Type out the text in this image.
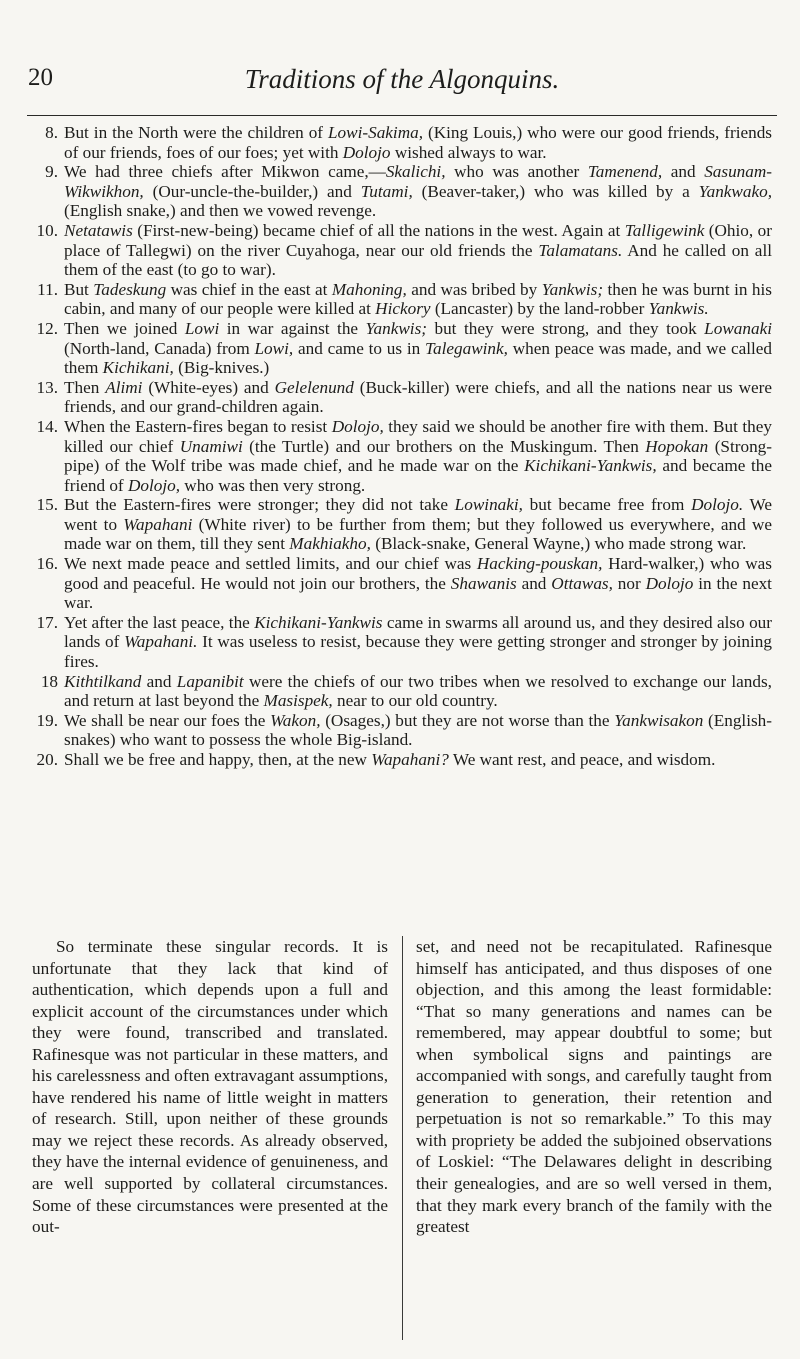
20	Traditions of the Algonquins.
8. But in the North were the children of Lowi-Sakima, (King Louis,) who were our good friends, friends of our friends, foes of our foes; yet with Dolojo wished always to war.
9. We had three chiefs after Mikwon came,—Skalichi, who was another Tamenend, and Sasunam-Wikwikhon, (Our-uncle-the-builder,) and Tutami, (Beaver-taker,) who was killed by a Yankwako, (English snake,) and then we vowed revenge.
10. Netatawis (First-new-being) became chief of all the nations in the west. Again at Talligewink (Ohio, or place of Tallegwi) on the river Cuyahoga, near our old friends the Talamatans. And he called on all them of the east (to go to war).
11. But Tadeskung was chief in the east at Mahoning, and was bribed by Yankwis; then he was burnt in his cabin, and many of our people were killed at Hickory (Lancaster) by the land-robber Yankwis.
12. Then we joined Lowi in war against the Yankwis; but they were strong, and they took Lowanaki (North-land, Canada) from Lowi, and came to us in Talegawink, when peace was made, and we called them Kichikani, (Big-knives.)
13. Then Alimi (White-eyes) and Gelelenund (Buck-killer) were chiefs, and all the nations near us were friends, and our grand-children again.
14. When the Eastern-fires began to resist Dolojo, they said we should be another fire with them. But they killed our chief Unamiwi (the Turtle) and our brothers on the Muskingum. Then Hopokan (Strong-pipe) of the Wolf tribe was made chief, and he made war on the Kichikani-Yankwis, and became the friend of Dolojo, who was then very strong.
15. But the Eastern-fires were stronger; they did not take Lowinaki, but became free from Dolojo. We went to Wapahani (White river) to be further from them; but they followed us everywhere, and we made war on them, till they sent Makhiakho, (Black-snake, General Wayne,) who made strong war.
16. We next made peace and settled limits, and our chief was Hacking-pouskan, Hard-walker,) who was good and peaceful. He would not join our brothers, the Shawanis and Ottawas, nor Dolojo in the next war.
17. Yet after the last peace, the Kichikani-Yankwis came in swarms all around us, and they desired also our lands of Wapahani. It was useless to resist, because they were getting stronger and stronger by joining fires.
18 Kithtilkand and Lapanibit were the chiefs of our two tribes when we resolved to exchange our lands, and return at last beyond the Masispek, near to our old country.
19. We shall be near our foes the Wakon, (Osages,) but they are not worse than the Yankwisakon (English-snakes) who want to possess the whole Big-island.
20. Shall we be free and happy, then, at the new Wapahani? We want rest, and peace, and wisdom.

So terminate these singular records. It is unfortunate that they lack that kind of authentication, which depends upon a full and explicit account of the circumstances under which they were found, transcribed and translated. Rafinesque was not particular in these matters, and his carelessness and often extravagant assumptions, have rendered his name of little weight in matters of research. Still, upon neither of these grounds may we reject these records. As already observed, they have the internal evidence of genuineness, and are well supported by collateral circumstances. Some of these circumstances were presented at the out-

set, and need not be recapitulated. Rafinesque himself has anticipated, and thus disposes of one objection, and this among the least formidable: “That so many generations and names can be remembered, may appear doubtful to some; but when symbolical signs and paintings are accompanied with songs, and carefully taught from generation to generation, their retention and perpetuation is not so remarkable.” To this may with propriety be added the subjoined observations of Loskiel: “The Delawares delight in describing their genealogies, and are so well versed in them, that they mark every branch of the family with the greatest
